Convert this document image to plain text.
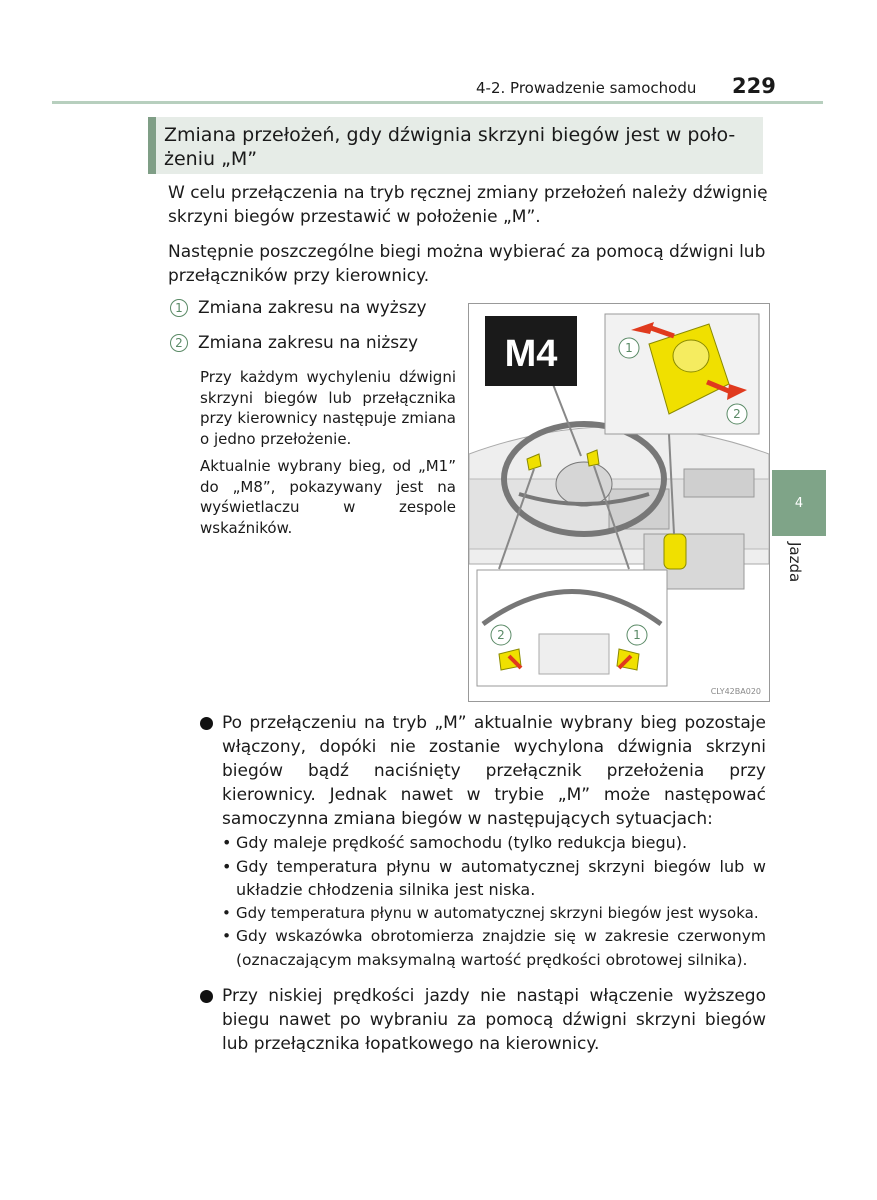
4-2. Prowadzenie samochodu 229
Zmiana przełożeń, gdy dźwignia skrzyni biegów jest w poło-
żeniu „M”
W celu przełączenia na tryb ręcznej zmiany przełożeń należy dźwignię skrzyni biegów przestawić w położenie „M”.
Następnie poszczególne biegi można wybierać za pomocą dźwigni lub przełączników przy kierownicy.
1 Zmiana zakresu na wyższy
2 Zmiana zakresu na niższy
Przy każdym wychyleniu dźwigni skrzyni biegów lub przełącznika przy kierownicy następuje zmiana o jedno przełożenie.
Aktualnie wybrany bieg, od „M1” do „M8”, pokazywany jest na wyświetlaczu w zespole wskaźników.
M4	1
2
2	1
CLY42BA020
Po przełączeniu na tryb „M” aktualnie wybrany bieg pozostaje włączony, dopóki nie zostanie wychylona dźwignia skrzyni biegów bądź naciśnięty przełącznik przełożenia przy kierownicy. Jednak nawet w trybie „M” może następować samoczynna zmiana biegów w następujących sytuacjach:
• Gdy maleje prędkość samochodu (tylko redukcja biegu).
• Gdy temperatura płynu w automatycznej skrzyni biegów lub w układzie chłodzenia silnika jest niska.
• Gdy temperatura płynu w automatycznej skrzyni biegów jest wysoka.
• Gdy wskazówka obrotomierza znajdzie się w zakresie czerwonym (oznaczającym maksymalną wartość prędkości obrotowej silnika).
Przy niskiej prędkości jazdy nie nastąpi włączenie wyższego biegu nawet po wybraniu za pomocą dźwigni skrzyni biegów lub przełącznika łopatkowego na kierownicy.
4
Jazda
